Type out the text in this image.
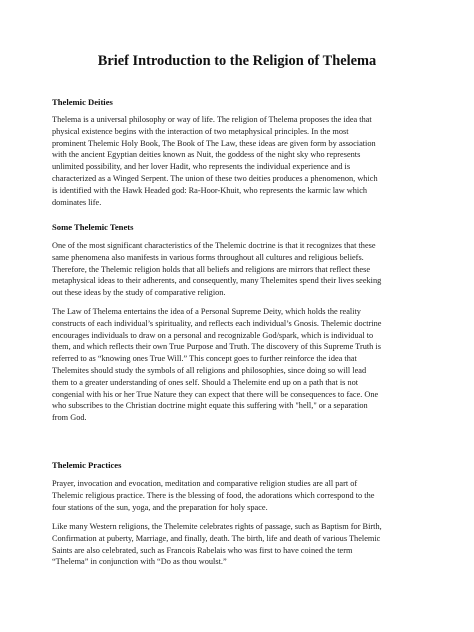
Brief Introduction to the Religion of Thelema
Thelemic Deities
Thelema is a universal philosophy or way of life. The religion of Thelema proposes the idea that
physical existence begins with the interaction of two metaphysical principles. In the most
prominent Thelemic Holy Book, The Book of The Law, these ideas are given form by association
with the ancient Egyptian deities known as Nuit, the goddess of the night sky who represents
unlimited possibility, and her lover Hadit, who represents the individual experience and is
characterized as a Winged Serpent. The union of these two deities produces a phenomenon, which
is identified with the Hawk Headed god: Ra-Hoor-Khuit, who represents the karmic law which
dominates life.
Some Thelemic Tenets
One of the most significant characteristics of the Thelemic doctrine is that it recognizes that these
same phenomena also manifests in various forms throughout all cultures and religious beliefs.
Therefore, the Thelemic religion holds that all beliefs and religions are mirrors that reflect these
metaphysical ideas to their adherents, and consequently, many Thelemites spend their lives seeking
out these ideas by the study of comparative religion.
The Law of Thelema entertains the idea of a Personal Supreme Deity, which holds the reality
constructs of each individual’s spirituality, and reflects each individual’s Gnosis. Thelemic doctrine
encourages individuals to draw on a personal and recognizable God/spark, which is individual to
them, and which reflects their own True Purpose and Truth. The discovery of this Supreme Truth is
referred to as “knowing ones True Will.” This concept goes to further reinforce the idea that
Thelemites should study the symbols of all religions and philosophies, since doing so will lead
them to a greater understanding of ones self. Should a Thelemite end up on a path that is not
congenial with his or her True Nature they can expect that there will be consequences to face. One
who subscribes to the Christian doctrine might equate this suffering with "hell," or a separation
from God.
Thelemic Practices
Prayer, invocation and evocation, meditation and comparative religion studies are all part of
Thelemic religious practice. There is the blessing of food, the adorations which correspond to the
four stations of the sun, yoga, and the preparation for holy space.
Like many Western religions, the Thelemite celebrates rights of passage, such as Baptism for Birth,
Confirmation at puberty, Marriage, and finally, death. The birth, life and death of various Thelemic
Saints are also celebrated, such as Francois Rabelais who was first to have coined the term
“Thelema” in conjunction with “Do as thou woulst.”
